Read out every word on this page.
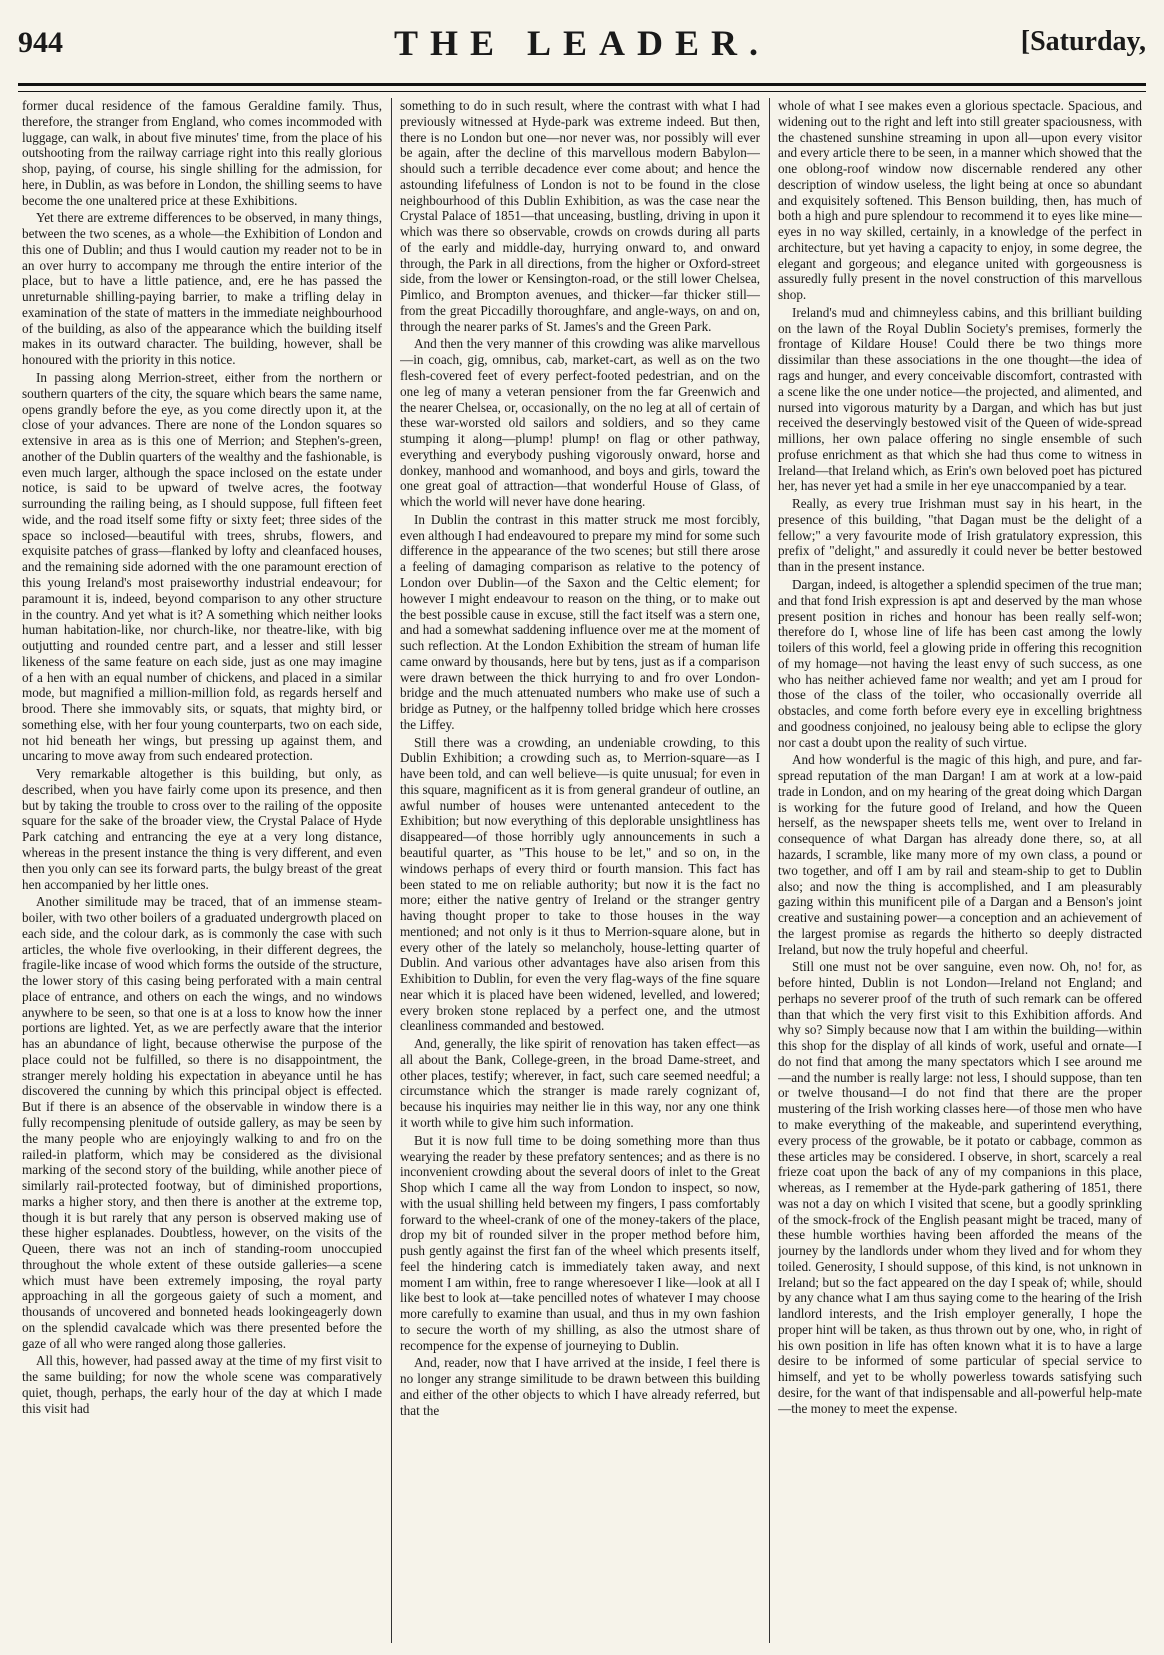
944	THE LEADER.	[Saturday,

former ducal residence of the famous Geraldine family. Thus, therefore, the stranger from England, who comes incommoded with luggage, can walk, in about five minutes' time, from the place of his outshooting from the railway carriage right into this really glorious shop, paying, of course, his single shilling for the admission, for here, in Dublin, as was before in London, the shilling seems to have become the one unaltered price at these Exhibitions.

Yet there are extreme differences to be observed, in many things, between the two scenes, as a whole—the Exhibition of London and this one of Dublin; and thus I would caution my reader not to be in an over hurry to accompany me through the entire interior of the place, but to have a little patience, and, ere he has passed the unreturnable shilling-paying barrier, to make a trifling delay in examination of the state of matters in the immediate neighbourhood of the building, as also of the appearance which the building itself makes in its outward character. The building, however, shall be honoured with the priority in this notice.

In passing along Merrion-street, either from the northern or southern quarters of the city, the square which bears the same name, opens grandly before the eye, as you come directly upon it, at the close of your advances. There are none of the London squares so extensive in area as is this one of Merrion; and Stephen's-green, another of the Dublin quarters of the wealthy and the fashionable, is even much larger, although the space inclosed on the estate under notice, is said to be upward of twelve acres, the footway surrounding the railing being, as I should suppose, full fifteen feet wide, and the road itself some fifty or sixty feet; three sides of the space so inclosed—beautiful with trees, shrubs, flowers, and exquisite patches of grass—flanked by lofty and cleanfaced houses, and the remaining side adorned with the one paramount erection of this young Ireland's most praiseworthy industrial endeavour; for paramount it is, indeed, beyond comparison to any other structure in the country. And yet what is it? A something which neither looks human habitation-like, nor church-like, nor theatre-like, with big outjutting and rounded centre part, and a lesser and still lesser likeness of the same feature on each side, just as one may imagine of a hen with an equal number of chickens, and placed in a similar mode, but magnified a million-million fold, as regards herself and brood. There she immovably sits, or squats, that mighty bird, or something else, with her four young counterparts, two on each side, not hid beneath her wings, but pressing up against them, and uncaring to move away from such endeared protection.

Very remarkable altogether is this building, but only, as described, when you have fairly come upon its presence, and then but by taking the trouble to cross over to the railing of the opposite square for the sake of the broader view, the Crystal Palace of Hyde Park catching and entrancing the eye at a very long distance, whereas in the present instance the thing is very different, and even then you only can see its forward parts, the bulgy breast of the great hen accompanied by her little ones.

Another similitude may be traced, that of an immense steam-boiler, with two other boilers of a graduated undergrowth placed on each side, and the colour dark, as is commonly the case with such articles, the whole five overlooking, in their different degrees, the fragile-like incase of wood which forms the outside of the structure, the lower story of this casing being perforated with a main central place of entrance, and others on each the wings, and no windows anywhere to be seen, so that one is at a loss to know how the inner portions are lighted. Yet, as we are perfectly aware that the interior has an abundance of light, because otherwise the purpose of the place could not be fulfilled, so there is no disappointment, the stranger merely holding his expectation in abeyance until he has discovered the cunning by which this principal object is effected. But if there is an absence of the observable in window there is a fully recompensing plenitude of outside gallery, as may be seen by the many people who are enjoyingly walking to and fro on the railed-in platform, which may be considered as the divisional marking of the second story of the building, while another piece of similarly rail-protected footway, but of diminished proportions, marks a higher story, and then there is another at the extreme top, though it is but rarely that any person is observed making use of these higher esplanades. Doubtless, however, on the visits of the Queen, there was not an inch of standing-room unoccupied throughout the whole extent of these outside galleries—a scene which must have been extremely imposing, the royal party approaching in all the gorgeous gaiety of such a moment, and thousands of uncovered and bonneted heads lookingeagerly down on the splendid cavalcade which was there presented before the gaze of all who were ranged along those galleries.

All this, however, had passed away at the time of my first visit to the same building; for now the whole scene was comparatively quiet, though, perhaps, the early hour of the day at which I made this visit had

something to do in such result, where the contrast with what I had previously witnessed at Hyde-park was extreme indeed. But then, there is no London but one—nor never was, nor possibly will ever be again, after the decline of this marvellous modern Babylon—should such a terrible decadence ever come about; and hence the astounding lifefulness of London is not to be found in the close neighbourhood of this Dublin Exhibition, as was the case near the Crystal Palace of 1851—that unceasing, bustling, driving in upon it which was there so observable, crowds on crowds during all parts of the early and middle-day, hurrying onward to, and onward through, the Park in all directions, from the higher or Oxford-street side, from the lower or Kensington-road, or the still lower Chelsea, Pimlico, and Brompton avenues, and thicker—far thicker still—from the great Piccadilly thoroughfare, and angle-ways, on and on, through the nearer parks of St. James's and the Green Park.

And then the very manner of this crowding was alike marvellous—in coach, gig, omnibus, cab, market-cart, as well as on the two flesh-covered feet of every perfect-footed pedestrian, and on the one leg of many a veteran pensioner from the far Greenwich and the nearer Chelsea, or, occasionally, on the no leg at all of certain of these war-worsted old sailors and soldiers, and so they came stumping it along—plump! plump! on flag or other pathway, everything and everybody pushing vigorously onward, horse and donkey, manhood and womanhood, and boys and girls, toward the one great goal of attraction—that wonderful House of Glass, of which the world will never have done hearing.

In Dublin the contrast in this matter struck me most forcibly, even although I had endeavoured to prepare my mind for some such difference in the appearance of the two scenes; but still there arose a feeling of damaging comparison as relative to the potency of London over Dublin—of the Saxon and the Celtic element; for however I might endeavour to reason on the thing, or to make out the best possible cause in excuse, still the fact itself was a stern one, and had a somewhat saddening influence over me at the moment of such reflection. At the London Exhibition the stream of human life came onward by thousands, here but by tens, just as if a comparison were drawn between the thick hurrying to and fro over London-bridge and the much attenuated numbers who make use of such a bridge as Putney, or the halfpenny tolled bridge which here crosses the Liffey.

Still there was a crowding, an undeniable crowding, to this Dublin Exhibition; a crowding such as, to Merrion-square—as I have been told, and can well believe—is quite unusual; for even in this square, magnificent as it is from general grandeur of outline, an awful number of houses were untenanted antecedent to the Exhibition; but now everything of this deplorable unsightliness has disappeared—of those horribly ugly announcements in such a beautiful quarter, as "This house to be let," and so on, in the windows perhaps of every third or fourth mansion. This fact has been stated to me on reliable authority; but now it is the fact no more; either the native gentry of Ireland or the stranger gentry having thought proper to take to those houses in the way mentioned; and not only is it thus to Merrion-square alone, but in every other of the lately so melancholy, house-letting quarter of Dublin. And various other advantages have also arisen from this Exhibition to Dublin, for even the very flag-ways of the fine square near which it is placed have been widened, levelled, and lowered; every broken stone replaced by a perfect one, and the utmost cleanliness commanded and bestowed.

And, generally, the like spirit of renovation has taken effect—as all about the Bank, College-green, in the broad Dame-street, and other places, testify; wherever, in fact, such care seemed needful; a circumstance which the stranger is made rarely cognizant of, because his inquiries may neither lie in this way, nor any one think it worth while to give him such information.

But it is now full time to be doing something more than thus wearying the reader by these prefatory sentences; and as there is no inconvenient crowding about the several doors of inlet to the Great Shop which I came all the way from London to inspect, so now, with the usual shilling held between my fingers, I pass comfortably forward to the wheel-crank of one of the money-takers of the place, drop my bit of rounded silver in the proper method before him, push gently against the first fan of the wheel which presents itself, feel the hindering catch is immediately taken away, and next moment I am within, free to range wheresoever I like—look at all I like best to look at—take pencilled notes of whatever I may choose more carefully to examine than usual, and thus in my own fashion to secure the worth of my shilling, as also the utmost share of recompence for the expense of journeying to Dublin.

And, reader, now that I have arrived at the inside, I feel there is no longer any strange similitude to be drawn between this building and either of the other objects to which I have already referred, but that the

whole of what I see makes even a glorious spectacle. Spacious, and widening out to the right and left into still greater spaciousness, with the chastened sunshine streaming in upon all—upon every visitor and every article there to be seen, in a manner which showed that the one oblong-roof window now discernable rendered any other description of window useless, the light being at once so abundant and exquisitely softened. This Benson building, then, has much of both a high and pure splendour to recommend it to eyes like mine—eyes in no way skilled, certainly, in a knowledge of the perfect in architecture, but yet having a capacity to enjoy, in some degree, the elegant and gorgeous; and elegance united with gorgeousness is assuredly fully present in the novel construction of this marvellous shop.

Ireland's mud and chimneyless cabins, and this brilliant building on the lawn of the Royal Dublin Society's premises, formerly the frontage of Kildare House! Could there be two things more dissimilar than these associations in the one thought—the idea of rags and hunger, and every conceivable discomfort, contrasted with a scene like the one under notice—the projected, and alimented, and nursed into vigorous maturity by a Dargan, and which has but just received the deservingly bestowed visit of the Queen of wide-spread millions, her own palace offering no single ensemble of such profuse enrichment as that which she had thus come to witness in Ireland—that Ireland which, as Erin's own beloved poet has pictured her, has never yet had a smile in her eye unaccompanied by a tear.

Really, as every true Irishman must say in his heart, in the presence of this building, "that Dagan must be the delight of a fellow;" a very favourite mode of Irish gratulatory expression, this prefix of "delight," and assuredly it could never be better bestowed than in the present instance.

Dargan, indeed, is altogether a splendid specimen of the true man; and that fond Irish expression is apt and deserved by the man whose present position in riches and honour has been really self-won; therefore do I, whose line of life has been cast among the lowly toilers of this world, feel a glowing pride in offering this recognition of my homage—not having the least envy of such success, as one who has neither achieved fame nor wealth; and yet am I proud for those of the class of the toiler, who occasionally override all obstacles, and come forth before every eye in excelling brightness and goodness conjoined, no jealousy being able to eclipse the glory nor cast a doubt upon the reality of such virtue.

And how wonderful is the magic of this high, and pure, and far-spread reputation of the man Dargan! I am at work at a low-paid trade in London, and on my hearing of the great doing which Dargan is working for the future good of Ireland, and how the Queen herself, as the newspaper sheets tells me, went over to Ireland in consequence of what Dargan has already done there, so, at all hazards, I scramble, like many more of my own class, a pound or two together, and off I am by rail and steam-ship to get to Dublin also; and now the thing is accomplished, and I am pleasurably gazing within this munificent pile of a Dargan and a Benson's joint creative and sustaining power—a conception and an achievement of the largest promise as regards the hitherto so deeply distracted Ireland, but now the truly hopeful and cheerful.

Still one must not be over sanguine, even now. Oh, no! for, as before hinted, Dublin is not London—Ireland not England; and perhaps no severer proof of the truth of such remark can be offered than that which the very first visit to this Exhibition affords. And why so? Simply because now that I am within the building—within this shop for the display of all kinds of work, useful and ornate—I do not find that among the many spectators which I see around me—and the number is really large: not less, I should suppose, than ten or twelve thousand—I do not find that there are the proper mustering of the Irish working classes here—of those men who have to make everything of the makeable, and superintend everything, every process of the growable, be it potato or cabbage, common as these articles may be considered. I observe, in short, scarcely a real frieze coat upon the back of any of my companions in this place, whereas, as I remember at the Hyde-park gathering of 1851, there was not a day on which I visited that scene, but a goodly sprinkling of the smock-frock of the English peasant might be traced, many of these humble worthies having been afforded the means of the journey by the landlords under whom they lived and for whom they toiled. Generosity, I should suppose, of this kind, is not unknown in Ireland; but so the fact appeared on the day I speak of; while, should by any chance what I am thus saying come to the hearing of the Irish landlord interests, and the Irish employer generally, I hope the proper hint will be taken, as thus thrown out by one, who, in right of his own position in life has often known what it is to have a large desire to be informed of some particular of special service to himself, and yet to be wholly powerless towards satisfying such desire, for the want of that indispensable and all-powerful help-mate—the money to meet the expense.
